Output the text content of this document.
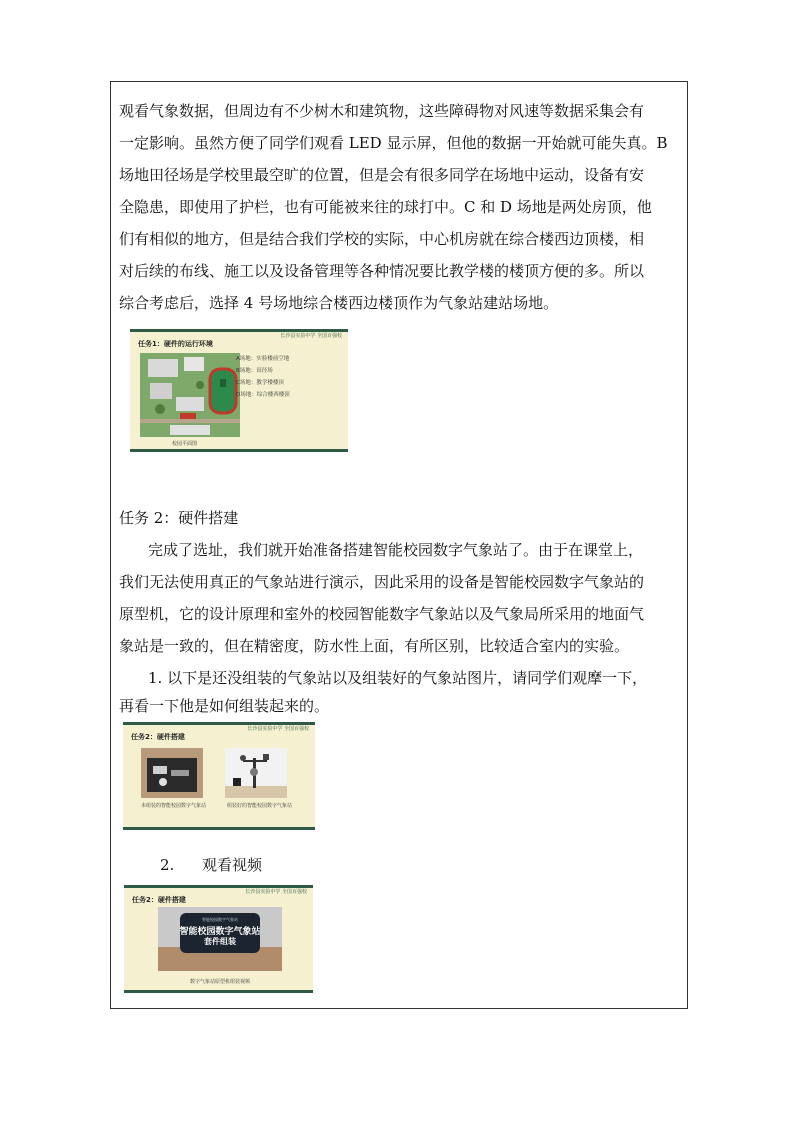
观看气象数据，但周边有不少树木和建筑物，这些障碍物对风速等数据采集会有
一定影响。虽然方便了同学们观看 LED 显示屏，但他的数据一开始就可能失真。B
场地田径场是学校里最空旷的位置，但是会有很多同学在场地中运动，设备有安
全隐患，即使用了护栏，也有可能被来往的球打中。C 和 D 场地是两处房顶，他
们有相似的地方，但是结合我们学校的实际，中心机房就在综合楼西边顶楼，相
对后续的布线、施工以及设备管理等各种情况要比教学楼的楼顶方便的多。所以
综合考虑后，选择 4 号场地综合楼西边楼顶作为气象站建站场地。
长沙县实验中学 全国百强校
任务1：硬件的运行环境
校园平面图
A场地：实验楼前空地
B场地：田径场
C场地：教学楼楼顶
D场地：综合楼西楼顶
任务 2：硬件搭建
完成了选址，我们就开始准备搭建智能校园数字气象站了。由于在课堂上，
我们无法使用真正的气象站进行演示，因此采用的设备是智能校园数字气象站的
原型机，它的设计原理和室外的校园智能数字气象站以及气象局所采用的地面气
象站是一致的，但在精密度，防水性上面，有所区别，比较适合室内的实验。
1. 以下是还没组装的气象站以及组装好的气象站图片，请同学们观摩一下，
再看一下他是如何组装起来的。
长沙县实验中学 全国百强校
任务2：硬件搭建
未组装的智能校园数字气象站	组装好的智能校园数字气象站
2.	观看视频
长沙县实验中学 全国百强校
任务2：硬件搭建
智能校园数字气象站
智能校园数字气象站
套件组装
数字气象站原型机组装视频
